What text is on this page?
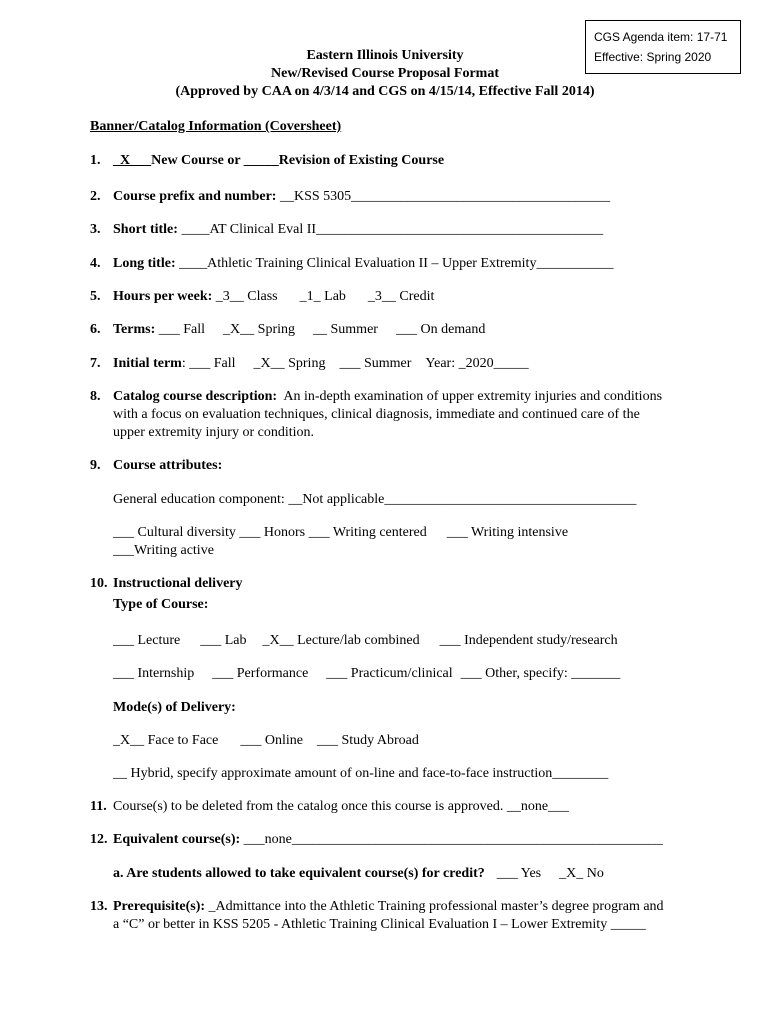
CGS Agenda item: 17-71
Effective: Spring 2020
Eastern Illinois University
New/Revised Course Proposal Format
(Approved by CAA on 4/3/14 and CGS on 4/15/14, Effective Fall 2014)
Banner/Catalog Information (Coversheet)
1. _X___New Course or _____Revision of Existing Course
2. Course prefix and number: __KSS 5305_____________________________________
3. Short title: ____AT Clinical Eval II_________________________________________
4. Long title: ____Athletic Training Clinical Evaluation II – Upper Extremity___________
5. Hours per week: _3__ Class _1_ Lab _3__ Credit
6. Terms: ___ Fall _X__ Spring __ Summer ___ On demand
7. Initial term: ___ Fall _X__ Spring ___ Summer Year: _2020_____
8. Catalog course description: An in-depth examination of upper extremity injuries and conditions with a focus on evaluation techniques, clinical diagnosis, immediate and continued care of the upper extremity injury or condition.
9. Course attributes:
General education component: __Not applicable____________________________________
___ Cultural diversity ___ Honors ___ Writing centered ___ Writing intensive
___Writing active
10. Instructional delivery
Type of Course:
___ Lecture ___ Lab _X__ Lecture/lab combined ___ Independent study/research
___ Internship ___ Performance ___ Practicum/clinical ___ Other, specify: _______
Mode(s) of Delivery:
_X__ Face to Face ___ Online ___ Study Abroad
__ Hybrid, specify approximate amount of on-line and face-to-face instruction________
11. Course(s) to be deleted from the catalog once this course is approved. __none___
12. Equivalent course(s): ___none_____________________________________________________
a. Are students allowed to take equivalent course(s) for credit? ___ Yes _X_ No
13. Prerequisite(s): _Admittance into the Athletic Training professional master’s degree program and a “C” or better in KSS 5205 - Athletic Training Clinical Evaluation I – Lower Extremity _____
